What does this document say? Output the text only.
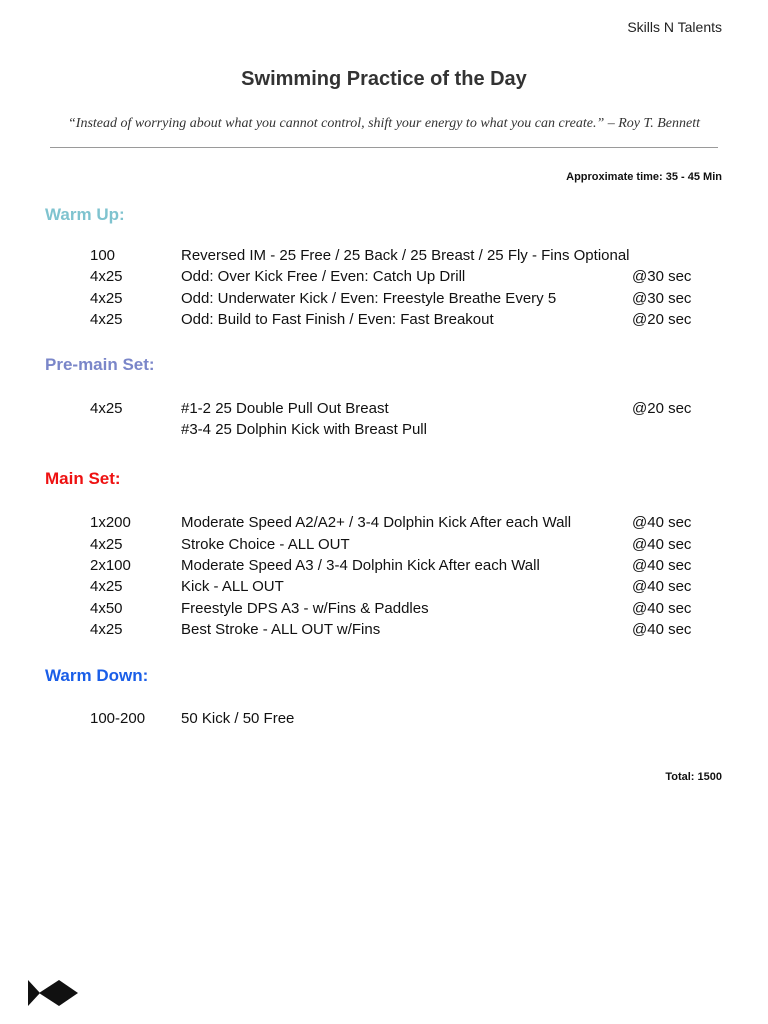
Skills N Talents
Swimming Practice of the Day
“Instead of worrying about what you cannot control, shift your energy to what you can create.” – Roy T. Bennett
Approximate time: 35 - 45 Min
Warm Up:
100	Reversed IM - 25 Free / 25 Back / 25 Breast / 25 Fly - Fins Optional
4x25	Odd: Over Kick Free / Even: Catch Up Drill	@30 sec
4x25	Odd: Underwater Kick / Even: Freestyle Breathe Every 5	@30 sec
4x25	Odd: Build to Fast Finish / Even: Fast Breakout	@20 sec
Pre-main Set:
4x25	#1-2 25 Double Pull Out Breast	@20 sec
#3-4 25 Dolphin Kick with Breast Pull
Main Set:
1x200	Moderate Speed A2/A2+ / 3-4 Dolphin Kick After each Wall	@40 sec
4x25	Stroke Choice - ALL OUT	@40 sec
2x100	Moderate Speed A3 / 3-4 Dolphin Kick After each Wall	@40 sec
4x25	Kick - ALL OUT	@40 sec
4x50	Freestyle DPS A3 - w/Fins & Paddles	@40 sec
4x25	Best Stroke - ALL OUT w/Fins	@40 sec
Warm Down:
100-200 50 Kick / 50 Free
Total: 1500
